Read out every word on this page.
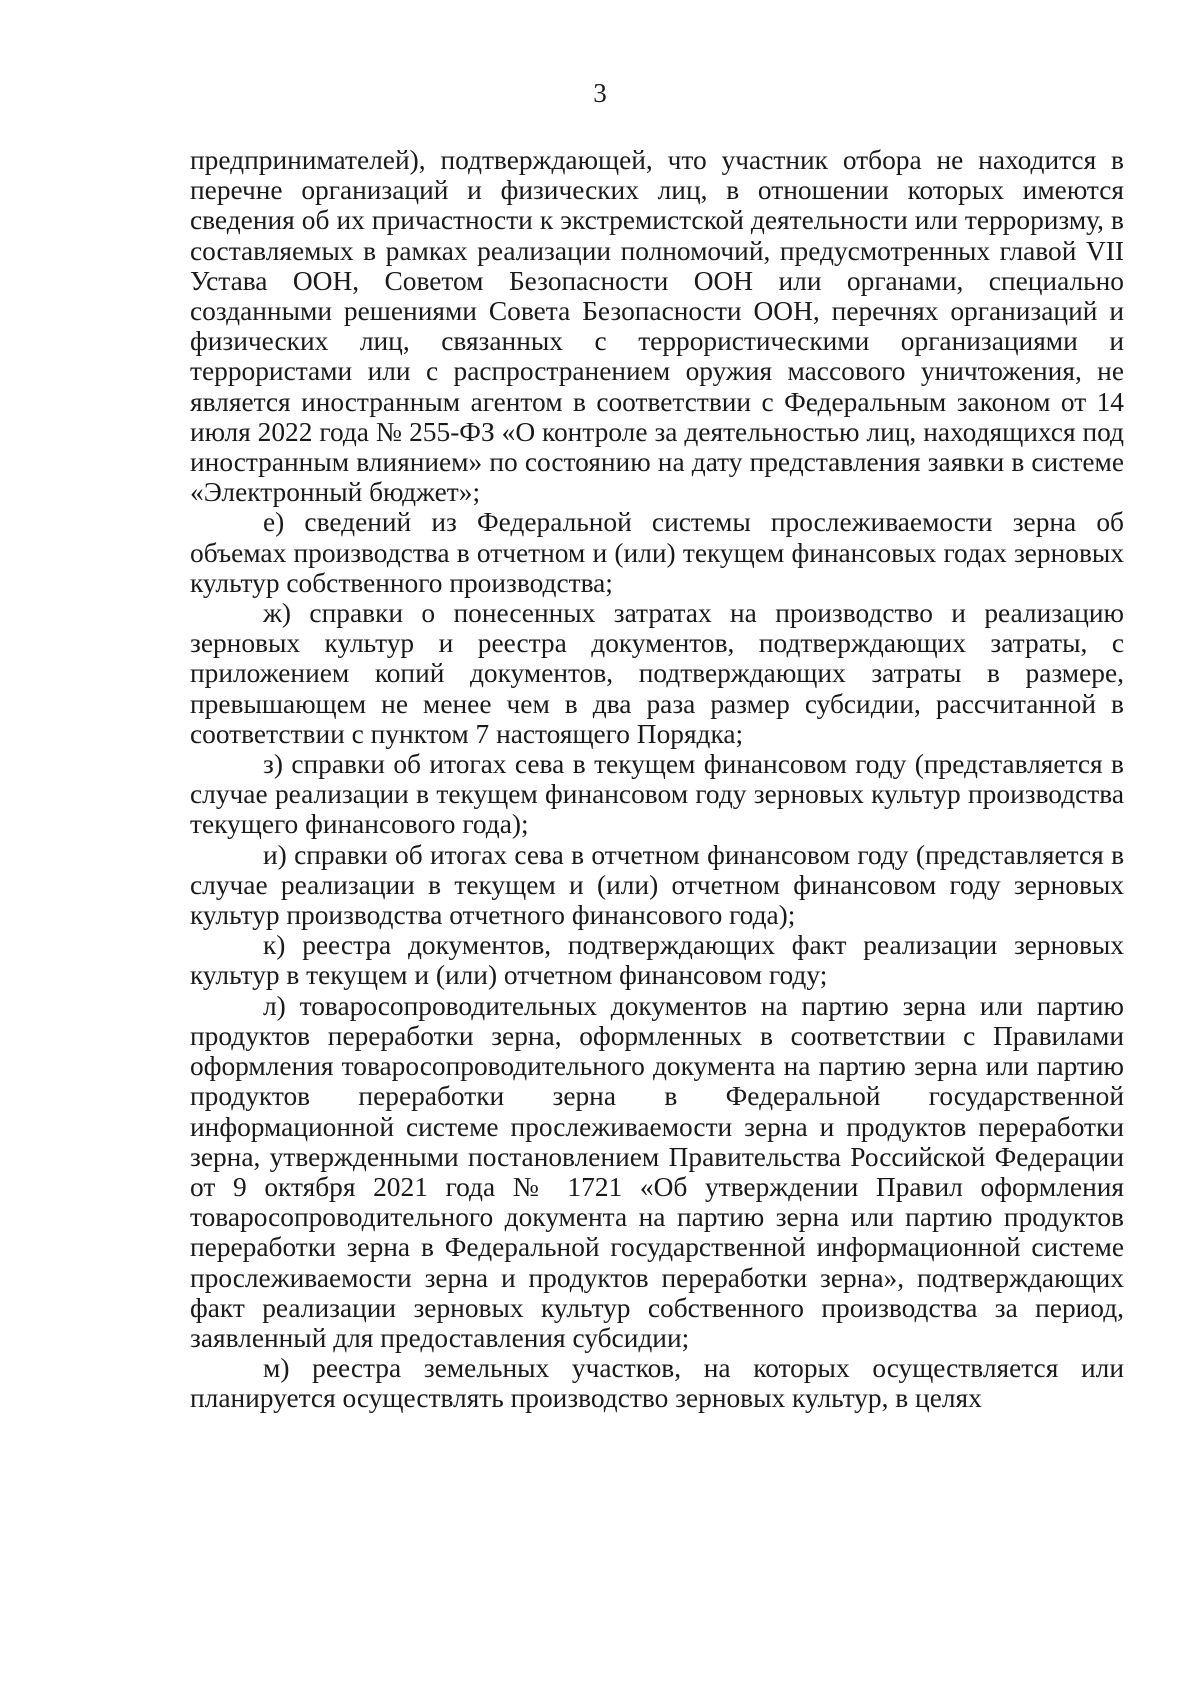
3

предпринимателей), подтверждающей, что участник отбора не находится в перечне организаций и физических лиц, в отношении которых имеются сведения об их причастности к экстремистской деятельности или терроризму, в составляемых в рамках реализации полномочий, предусмотренных главой VII Устава ООН, Советом Безопасности ООН или органами, специально созданными решениями Совета Безопасности ООН, перечнях организаций и физических лиц, связанных с террористическими организациями и террористами или с распространением оружия массового уничтожения, не является иностранным агентом в соответствии с Федеральным законом от 14 июля 2022 года № 255-ФЗ «О контроле за деятельностью лиц, находящихся под иностранным влиянием» по состоянию на дату представления заявки в системе «Электронный бюджет»;

е) сведений из Федеральной системы прослеживаемости зерна об объемах производства в отчетном и (или) текущем финансовых годах зерновых культур собственного производства;

ж) справки о понесенных затратах на производство и реализацию зерновых культур и реестра документов, подтверждающих затраты, с приложением копий документов, подтверждающих затраты в размере, превышающем не менее чем в два раза размер субсидии, рассчитанной в соответствии с пунктом 7 настоящего Порядка;

з) справки об итогах сева в текущем финансовом году (представляется в случае реализации в текущем финансовом году зерновых культур производства текущего финансового года);

и) справки об итогах сева в отчетном финансовом году (представляется в случае реализации в текущем и (или) отчетном финансовом году зерновых культур производства отчетного финансового года);

к) реестра документов, подтверждающих факт реализации зерновых культур в текущем и (или) отчетном финансовом году;

л) товаросопроводительных документов на партию зерна или партию продуктов переработки зерна, оформленных в соответствии с Правилами оформления товаросопроводительного документа на партию зерна или партию продуктов переработки зерна в Федеральной государственной информационной системе прослеживаемости зерна и продуктов переработки зерна, утвержденными постановлением Правительства Российской Федерации от 9 октября 2021 года № 1721 «Об утверждении Правил оформления товаросопроводительного документа на партию зерна или партию продуктов переработки зерна в Федеральной государственной информационной системе прослеживаемости зерна и продуктов переработки зерна», подтверждающих факт реализации зерновых культур собственного производства за период, заявленный для предоставления субсидии;

м) реестра земельных участков, на которых осуществляется или планируется осуществлять производство зерновых культур, в целях
